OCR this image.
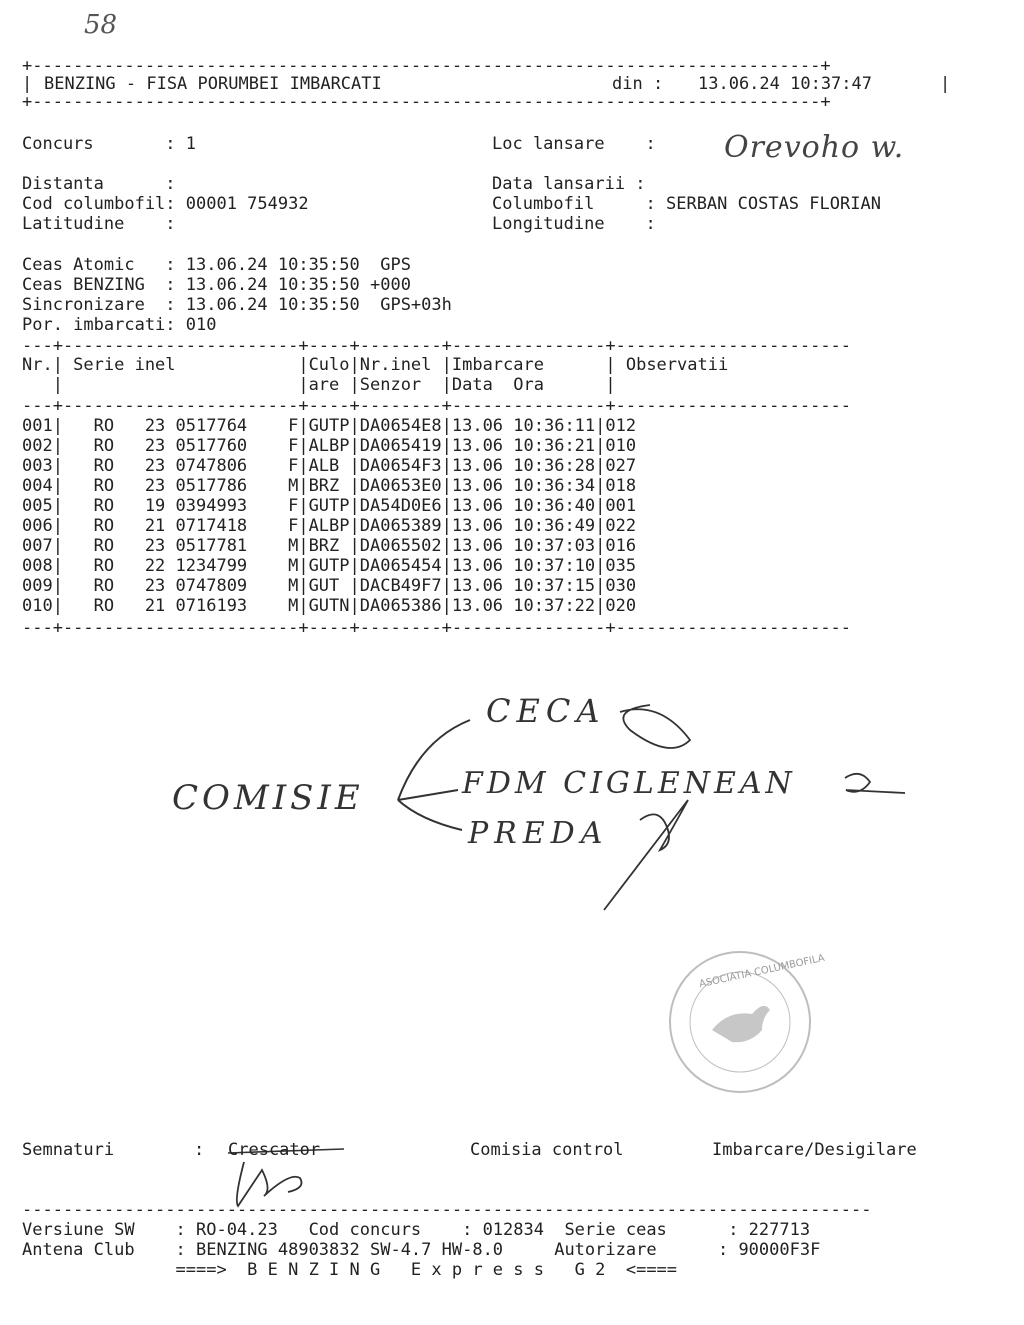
58
+-----------------------------------------------------------------------------+
| BENZING - FISA PORUMBEI IMBARCATI	din : 13.06.24 10:37:47	|
+-----------------------------------------------------------------------------+
Concurs       : 1
Distanta      :
Cod columbofil: 00001 754932
Latitudine    :
Loc lansare    :
Data lansarii :
Columbofil     : SERBAN COSTAS FLORIAN
Longitudine    :
Orevoho w.
Ceas Atomic   : 13.06.24 10:35:50  GPS
Ceas BENZING  : 13.06.24 10:35:50 +000
Sincronizare  : 13.06.24 10:35:50  GPS+03h
Por. imbarcati: 010
---+-----------------------+----+--------+---------------+-----------------------
Nr.| Serie inel            |Culo|Nr.inel |Imbarcare      | Observatii
|                       |are |Senzor  |Data  Ora      |
---+-----------------------+----+--------+---------------+-----------------------
001|   RO   23 0517764    F|GUTP|DA0654E8|13.06 10:36:11|012
002|   RO   23 0517760    F|ALBP|DA065419|13.06 10:36:21|010
003|   RO   23 0747806    F|ALB |DA0654F3|13.06 10:36:28|027
004|   RO   23 0517786    M|BRZ |DA0653E0|13.06 10:36:34|018
005|   RO   19 0394993    F|GUTP|DA54D0E6|13.06 10:36:40|001
006|   RO   21 0717418    F|ALBP|DA065389|13.06 10:36:49|022
007|   RO   23 0517781    M|BRZ |DA065502|13.06 10:37:03|016
008|   RO   22 1234799    M|GUTP|DA065454|13.06 10:37:10|035
009|   RO   23 0747809    M|GUT |DACB49F7|13.06 10:37:15|030
010|   RO   21 0716193    M|GUTN|DA065386|13.06 10:37:22|020
---+-----------------------+----+--------+---------------+-----------------------
COMISIE
CECA
FDM CIGLENEAN
PREDA
ASOCIATIA COLUMBOFILA
Semnaturi	: Crescator	Comisia control	Imbarcare/Desigilare
-----------------------------------------------------------------------------------
Versiune SW    : RO-04.23   Cod concurs    : 012834  Serie ceas      : 227713
Antena Club    : BENZING 48903832 SW-4.7 HW-8.0     Autorizare      : 90000F3F
====>  B E N Z I N G   E x p r e s s   G 2  <====
